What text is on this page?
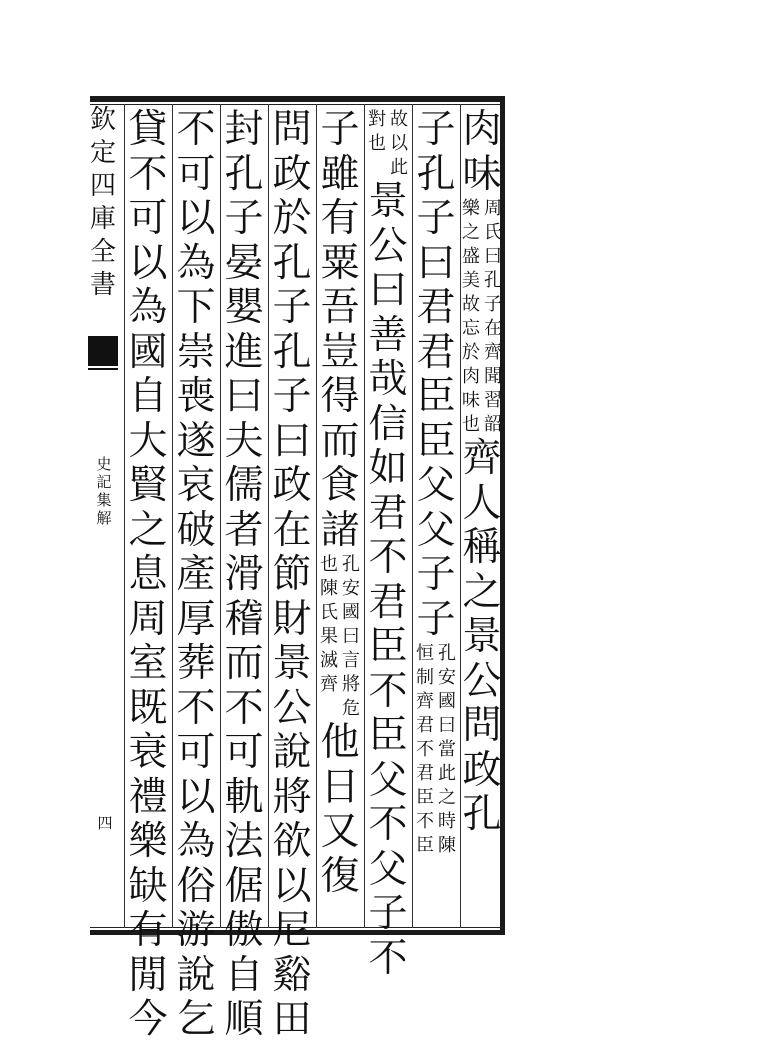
欽
定
四
庫
全
書
史
記
集
解
四
肉
味
樂
之
盛
美
故
忘
於
肉
味
也
周
氏
曰
孔
子
在
齊
聞
習
韶
齊
人
稱
之
景
公
問
政
孔
子
孔
子
曰
君
君
臣
臣
父
父
子
子
恒
制
齊
君
不
君
臣
不
臣
孔
安
國
曰
當
此
之
時
陳
對
也
故
以
此
景
公
曰
善
哉
信
如
君
不
君
臣
不
臣
父
不
父
子
不
子
雖
有
粟
吾
豈
得
而
食
諸
也
陳
氏
果
滅
齊
孔
安
國
曰
言
將
危
他
日
又
復
問
政
於
孔
子
孔
子
曰
政
在
節
財
景
公
說
將
欲
以
尼
谿
田
封
孔
子
晏
嬰
進
曰
夫
儒
者
滑
稽
而
不
可
軌
法
倨
傲
自
順
不
可
以
為
下
崇
喪
遂
哀
破
產
厚
葬
不
可
以
為
俗
游
說
乞
貸
不
可
以
為
國
自
大
賢
之
息
周
室
既
衰
禮
樂
缺
有
閒
今
